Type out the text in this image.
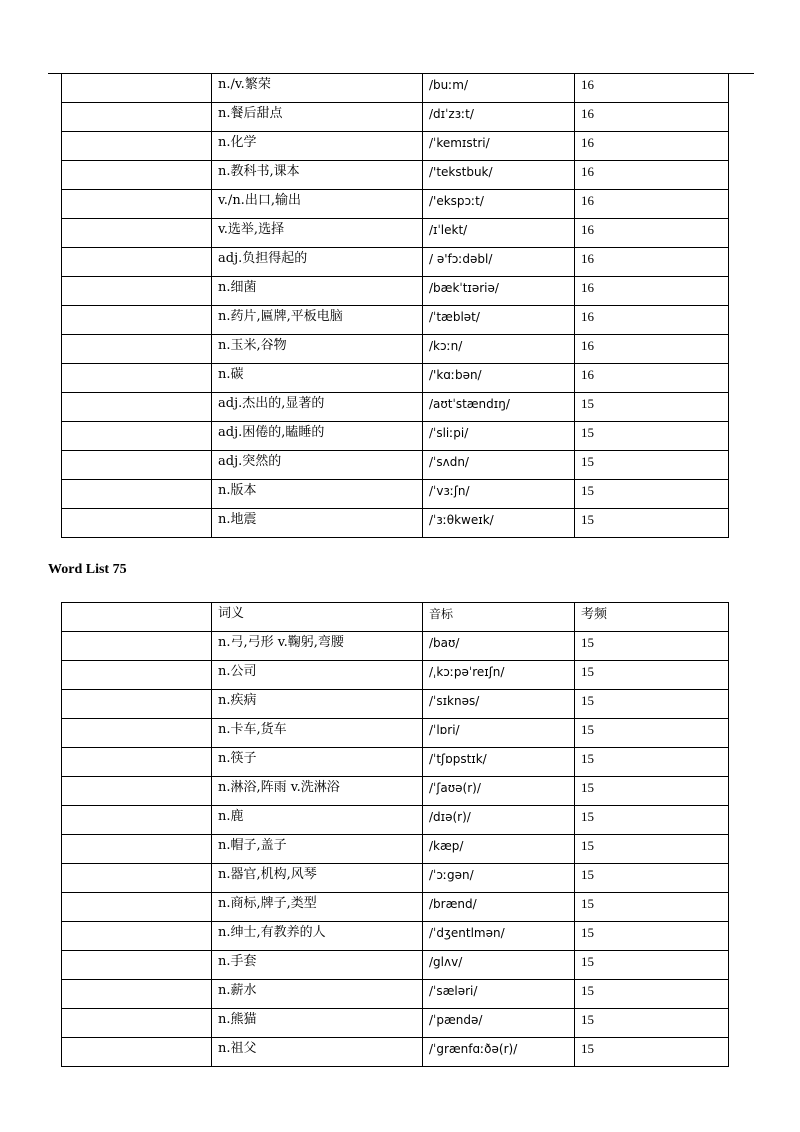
	n./v.繁荣	/buːm/	16
	n.餐后甜点	/dɪˈzɜːt/	16
	n.化学	/ˈkemɪstri/	16
	n.教科书,课本	/'tekstbuk/	16
	v./n.出口,输出	/'ekspɔːt/	16
	v.选举,选择	/ɪˈlekt/	16
	adj.负担得起的	/ ə'fɔːdəbl/	16
	n.细菌	/bækˈtɪəriə/	16
	n.药片,匾牌,平板电脑	/ˈtæblət/	16
	n.玉米,谷物	/kɔːn/	16
	n.碳	/'kɑːbən/	16
	adj.杰出的,显著的	/aʊtˈstændɪŋ/	15
	adj.困倦的,瞌睡的	/ˈsliːpi/	15
	adj.突然的	/ˈsʌdn/	15
	n.版本	/ˈvɜːʃn/	15
	n.地震	/ˈɜːθkweɪk/	15
Word List 75
	词义	音标	考频
	n.弓,弓形 v.鞠躬,弯腰	/baʊ/	15
	n.公司	/ˌkɔːpəˈreɪʃn/	15
	n.疾病	/ˈsɪknəs/	15
	n.卡车,货车	/ˈlɒri/	15
	n.筷子	/ˈtʃɒpstɪk/	15
	n.淋浴,阵雨 v.洗淋浴	/ˈʃaʊə(r)/	15
	n.鹿	/dɪə(r)/	15
	n.帽子,盖子	/kæp/	15
	n.器官,机构,风琴	/ˈɔːgən/	15
	n.商标,牌子,类型	/brænd/	15
	n.绅士,有教养的人	/ˈdʒentlmən/	15
	n.手套	/glʌv/	15
	n.薪水	/ˈsæləri/	15
	n.熊猫	/ˈpændə/	15
	n.祖父	/ˈgrænfɑːðə(r)/	15
